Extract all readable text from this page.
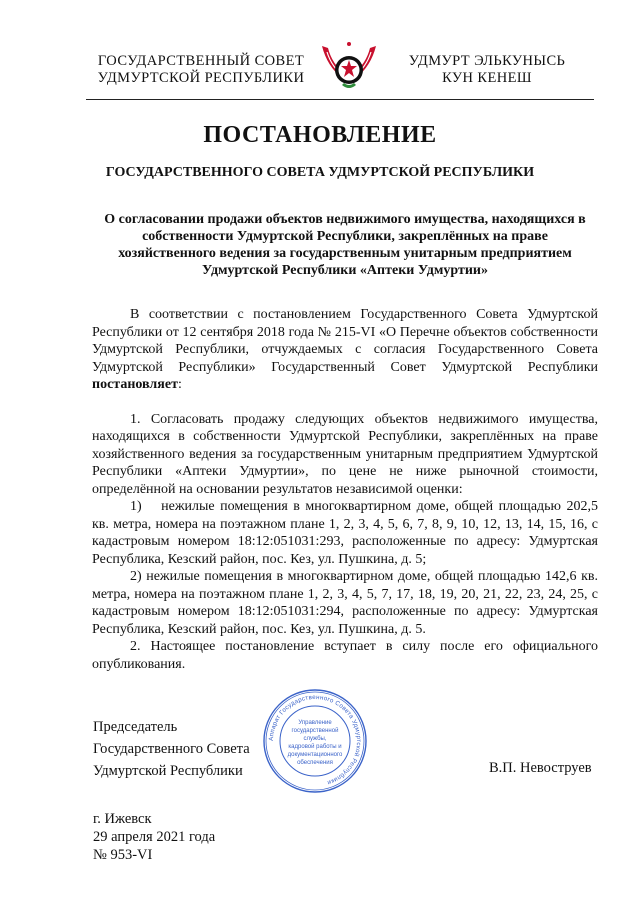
ГОСУДАРСТВЕННЫЙ СОВЕТ
УДМУРТСКОЙ РЕСПУБЛИКИ
УДМУРТ ЭЛЬКУНЫСЬ
КУН КЕНЕШ
ПОСТАНОВЛЕНИЕ
ГОСУДАРСТВЕННОГО СОВЕТА УДМУРТСКОЙ РЕСПУБЛИКИ
О согласовании продажи объектов недвижимого имущества, находящихся в собственности Удмуртской Республики, закреплённых на праве хозяйственного ведения за государственным унитарным предприятием Удмуртской Республики «Аптеки Удмуртии»

В соответствии с постановлением Государственного Совета Удмуртской Республики от 12 сентября 2018 года № 215-VI «О Перечне объектов собственности Удмуртской Республики, отчуждаемых с согласия Государственного Совета Удмуртской Республики» Государственный Совет Удмуртской Республики постановляет:

1. Согласовать продажу следующих объектов недвижимого имущества, находящихся в собственности Удмуртской Республики, закреплённых на праве хозяйственного ведения за государственным унитарным предприятием Удмуртской Республики «Аптеки Удмуртии», по цене не ниже рыночной стоимости, определённой на основании результатов независимой оценки:

1)  нежилые помещения в многоквартирном доме, общей площадью 202,5 кв. метра, номера на поэтажном плане 1, 2, 3, 4, 5, 6, 7, 8, 9, 10, 12, 13, 14, 15, 16, с кадастровым номером 18:12:051031:293, расположенные по адресу: Удмуртская Республика, Кезский район, пос. Кез, ул. Пушкина, д. 5;

2) нежилые помещения в многоквартирном доме, общей площадью 142,6 кв. метра, номера на поэтажном плане 1, 2, 3, 4, 5, 7, 17, 18, 19, 20, 21, 22, 23, 24, 25, с кадастровым номером 18:12:051031:294, расположенные по адресу: Удмуртская Республика, Кезский район, пос. Кез, ул. Пушкина, д. 5.

2. Настоящее постановление вступает в силу после его официального опубликования.

Председатель
Государственного Совета
Удмуртской Республики
Аппарат Государственного Совета Удмуртской Республики
Управление
государственной
службы,
кадровой работы и
документационного
обеспечения	В.П. Невоструев
г. Ижевск
29 апреля 2021 года
№ 953-VI
